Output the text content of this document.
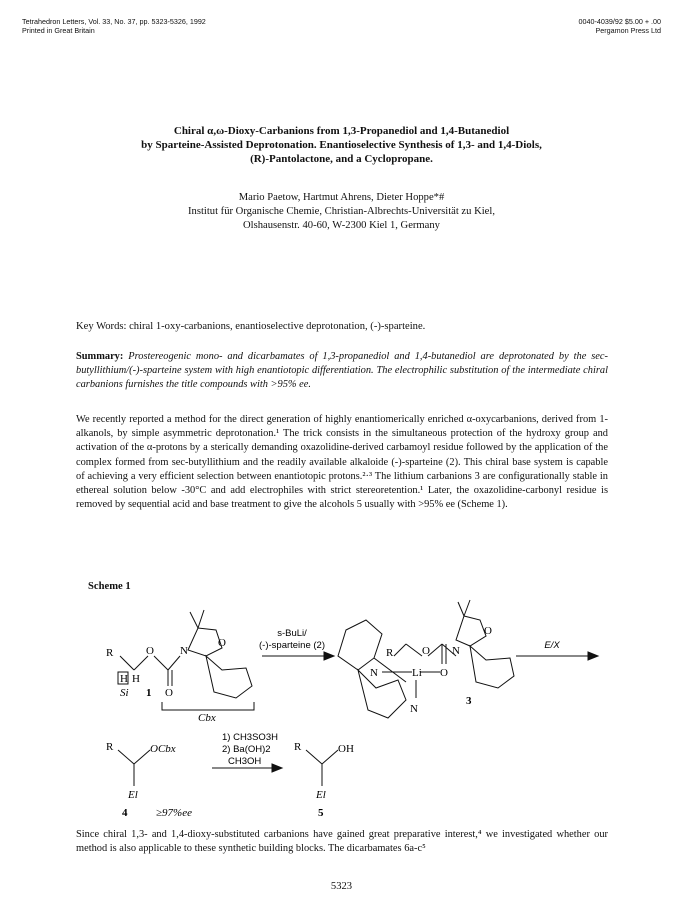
Tetrahedron Letters, Vol. 33, No. 37, pp. 5323-5326, 1992
Printed in Great Britain
0040-4039/92 $5.00 + .00
Pergamon Press Ltd
Chiral α,ω-Dioxy-Carbanions from 1,3-Propanediol and 1,4-Butanediol
by Sparteine-Assisted Deprotonation. Enantioselective Synthesis of 1,3- and 1,4-Diols,
(R)-Pantolactone, and a Cyclopropane.
Mario Paetow, Hartmut Ahrens, Dieter Hoppe*#
Institut für Organische Chemie, Christian-Albrechts-Universität zu Kiel,
Olshausenstr. 40-60, W-2300 Kiel 1, Germany
Key Words: chiral 1-oxy-carbanions, enantioselective deprotonation, (-)-sparteine.
Summary: Prostereogenic mono- and dicarbamates of 1,3-propanediol and 1,4-butanediol are deprotonated by the sec-butyllithium/(-)-sparteine system with high enantiotopic differentiation. The electrophilic substitution of the intermediate chiral carbanions furnishes the title compounds with >95% ee.
We recently reported a method for the direct generation of highly enantiomerically enriched α-oxycarbanions, derived from 1-alkanols, by simple asymmetric deprotonation.¹ The trick consists in the simultaneous protection of the hydroxy group and activation of the α-protons by a sterically demanding oxazolidine-derived carbamoyl residue followed by the application of the complex formed from sec-butyllithium and the readily available alkaloide (-)-sparteine (2). This chiral base system is capable of achieving a very efficient selection between enantiotopic protons.²·³ The lithium carbanions 3 are configurationally stable in ethereal solution below -30°C and add electrophiles with strict stereoretention.¹ Later, the oxazolidine-carbonyl residue is removed by sequential acid and base treatment to give the alcohols 5 usually with >95% ee (Scheme 1).
Scheme 1
R	O N
O
O
H H
Si 1
Cbx
s-BuLi/
(-)-sparteine (2)
R	O N
N	Li O
N
O
3
E/X
R	OCbx
El
1) CH3SO3H
2) Ba(OH)2
CH3OH
R	OH
El
4	≥97%ee	5
Since chiral 1,3- and 1,4-dioxy-substituted carbanions have gained great preparative interest,⁴ we investigated whether our method is also applicable to these synthetic building blocks. The dicarbamates 6a-c⁵
5323
